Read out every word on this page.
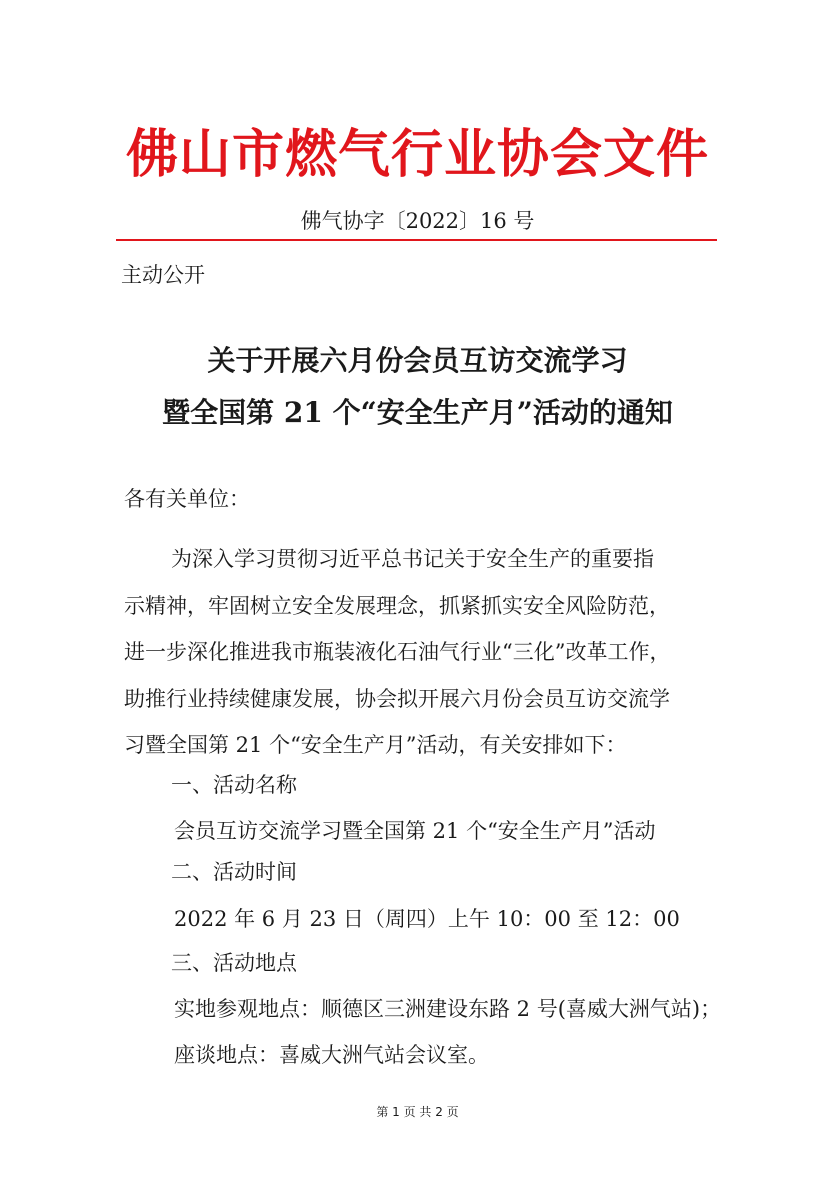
佛山市燃气行业协会文件
佛气协字〔2022〕16 号
主动公开
关于开展六月份会员互访交流学习
暨全国第 21 个“安全生产月”活动的通知
各有关单位：
为深入学习贯彻习近平总书记关于安全生产的重要指
示精神，牢固树立安全发展理念，抓紧抓实安全风险防范，
进一步深化推进我市瓶装液化石油气行业“三化”改革工作，
助推行业持续健康发展，协会拟开展六月份会员互访交流学
习暨全国第 21 个“安全生产月”活动，有关安排如下：
一、活动名称
会员互访交流学习暨全国第 21 个“安全生产月”活动
二、活动时间
2022 年 6 月 23 日（周四）上午 10：00 至 12：00
三、活动地点
实地参观地点：顺德区三洲建设东路 2 号(喜威大洲气站)；
座谈地点：喜威大洲气站会议室。
第 1 页 共 2 页
